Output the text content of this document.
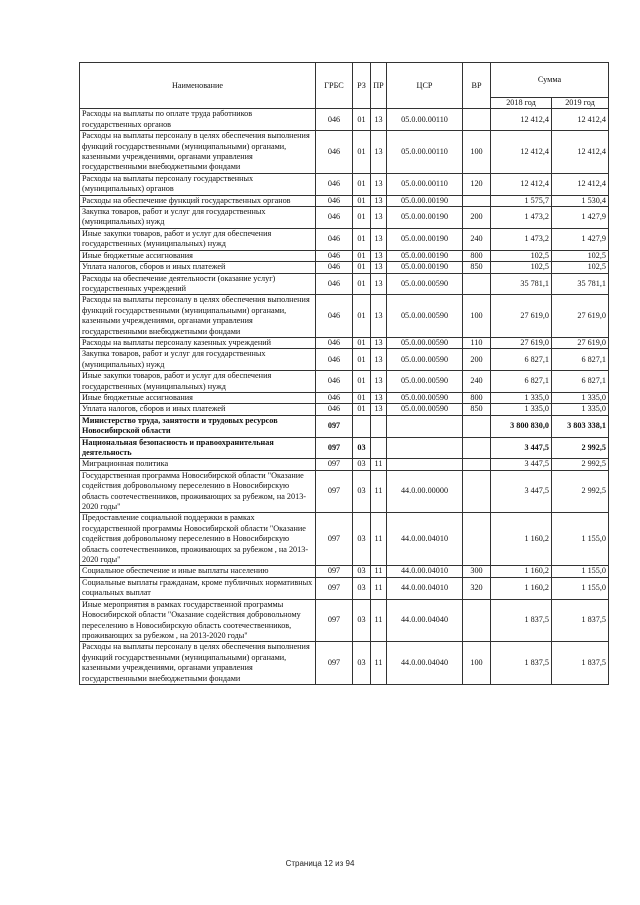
Наименование	ГРБС	РЗ	ПР	ЦСР	ВР	Сумма	
						2018 год	2019 год
Расходы на выплаты по оплате труда работников государственных органов	046	01	13	05.0.00.00110		12 412,4	12 412,4
Расходы на выплаты персоналу в целях обеспечения выполнения функций государственными (муниципальными) органами, казенными учреждениями, органами управления государственными внебюджетными фондами	046	01	13	05.0.00.00110	100	12 412,4	12 412,4
Расходы на выплаты персоналу государственных (муниципальных) органов	046	01	13	05.0.00.00110	120	12 412,4	12 412,4
Расходы на обеспечение функций государственных органов	046	01	13	05.0.00.00190		1 575,7	1 530,4
Закупка товаров, работ и услуг для государственных (муниципальных) нужд	046	01	13	05.0.00.00190	200	1 473,2	1 427,9
Иные закупки товаров, работ и услуг для обеспечения государственных (муниципальных) нужд	046	01	13	05.0.00.00190	240	1 473,2	1 427,9
Иные бюджетные ассигнования	046	01	13	05.0.00.00190	800	102,5	102,5
Уплата налогов, сборов и иных платежей	046	01	13	05.0.00.00190	850	102,5	102,5
Расходы на обеспечение деятельности (оказание услуг) государственных учреждений	046	01	13	05.0.00.00590		35 781,1	35 781,1
Расходы на выплаты персоналу в целях обеспечения выполнения функций государственными (муниципальными) органами, казенными учреждениями, органами управления государственными внебюджетными фондами	046	01	13	05.0.00.00590	100	27 619,0	27 619,0
Расходы на выплаты персоналу казенных учреждений	046	01	13	05.0.00.00590	110	27 619,0	27 619,0
Закупка товаров, работ и услуг для государственных (муниципальных) нужд	046	01	13	05.0.00.00590	200	6 827,1	6 827,1
Иные закупки товаров, работ и услуг для обеспечения государственных (муниципальных) нужд	046	01	13	05.0.00.00590	240	6 827,1	6 827,1
Иные бюджетные ассигнования	046	01	13	05.0.00.00590	800	1 335,0	1 335,0
Уплата налогов, сборов и иных платежей	046	01	13	05.0.00.00590	850	1 335,0	1 335,0
Министерство труда, занятости и трудовых ресурсов Новосибирской области	097					3 800 830,0	3 803 338,1
Национальная безопасность и правоохранительная деятельность	097	03				3 447,5	2 992,5
Миграционная политика	097	03	11			3 447,5	2 992,5
Государственная программа Новосибирской области "Оказание содействия добровольному переселению в Новосибирскую область соотечественников, проживающих за рубежом, на 2013-2020 годы"	097	03	11	44.0.00.00000		3 447,5	2 992,5
Предоставление социальной поддержки в рамках государственной программы Новосибирской области "Оказание содействия добровольному переселению в Новосибирскую область соотечественников, проживающих за рубежом , на 2013-2020 годы"	097	03	11	44.0.00.04010		1 160,2	1 155,0
Социальное обеспечение и иные выплаты населению	097	03	11	44.0.00.04010	300	1 160,2	1 155,0
Социальные выплаты гражданам, кроме публичных нормативных социальных выплат	097	03	11	44.0.00.04010	320	1 160,2	1 155,0
Иные мероприятия в рамках государственной программы Новосибирской области "Оказание содействия добровольному переселению в Новосибирскую область соотечественников, проживающих за рубежом , на 2013-2020 годы"	097	03	11	44.0.00.04040		1 837,5	1 837,5
Расходы на выплаты персоналу в целях обеспечения выполнения функций государственными (муниципальными) органами, казенными учреждениями, органами управления государственными внебюджетными фондами	097	03	11	44.0.00.04040	100	1 837,5	1 837,5
Страница 12 из 94
